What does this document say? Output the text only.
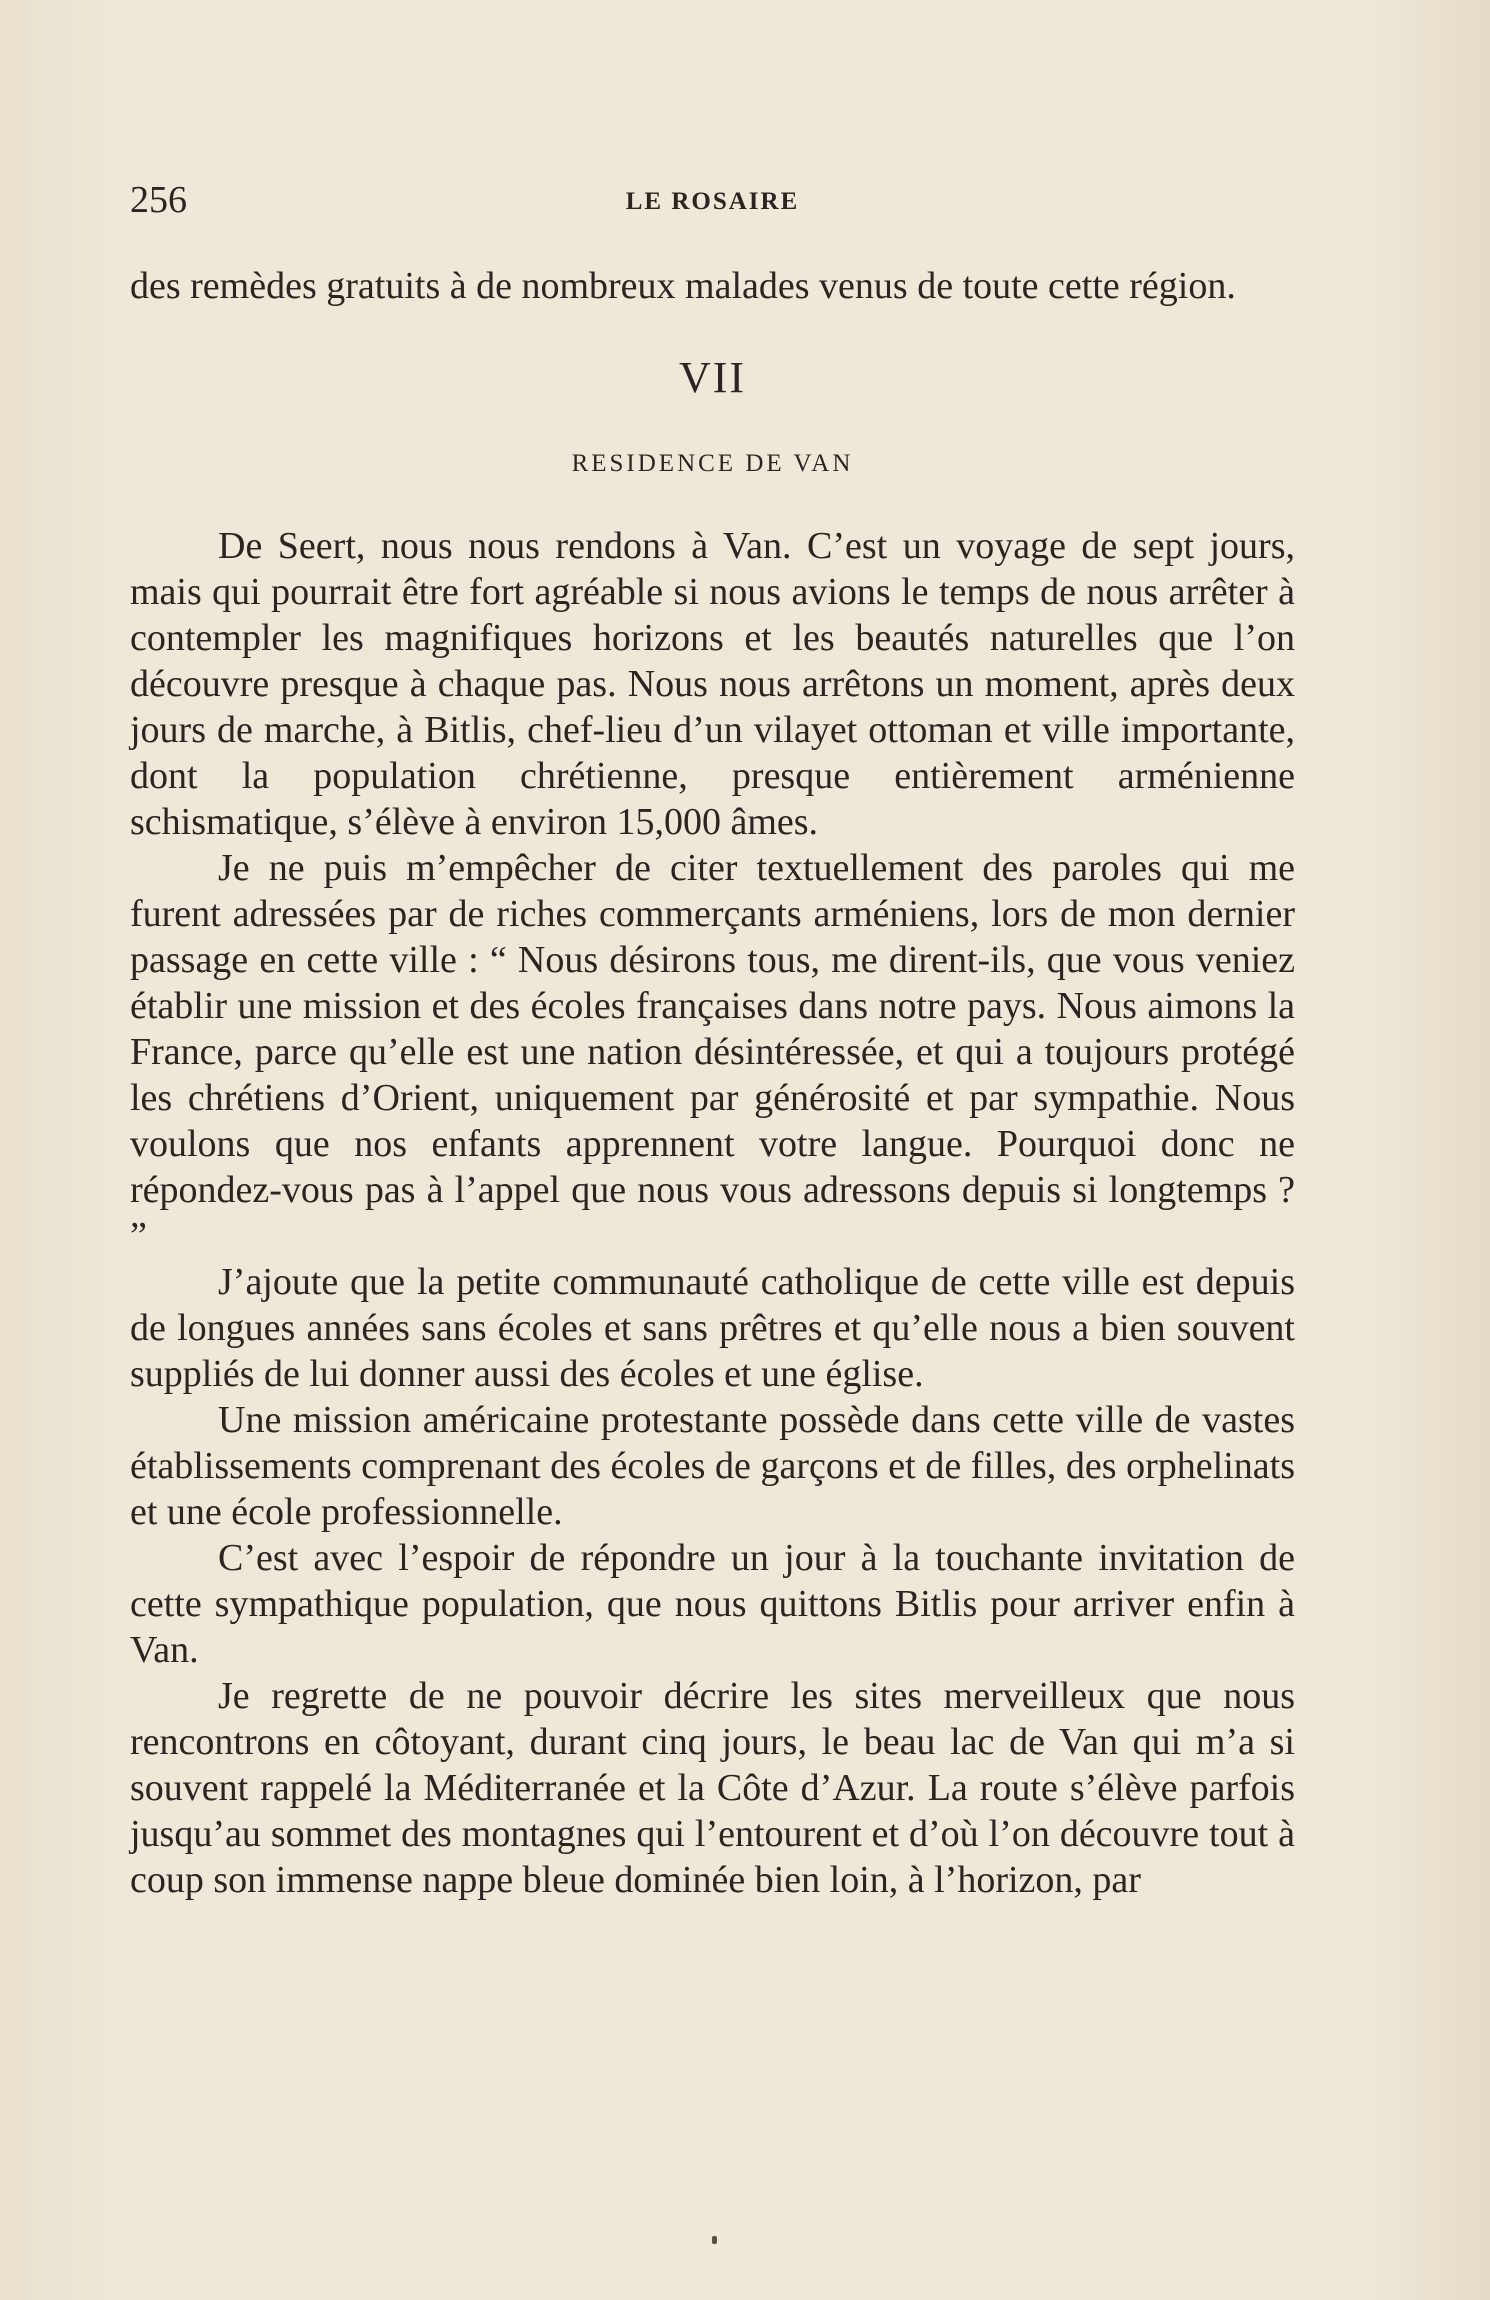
256	LE ROSAIRE

des remèdes gratuits à de nombreux malades venus de toute cette région.

VII

RESIDENCE DE VAN

De Seert, nous nous rendons à Van. C’est un voyage de sept jours, mais qui pourrait être fort agréable si nous avions le temps de nous arrêter à contempler les magnifiques horizons et les beautés naturelles que l’on découvre presque à chaque pas. Nous nous arrêtons un moment, après deux jours de marche, à Bitlis, chef-lieu d’un vilayet ottoman et ville importante, dont la population chrétienne, presque entièrement arménienne schismatique, s’élève à environ 15,000 âmes.

Je ne puis m’empêcher de citer textuellement des paroles qui me furent adressées par de riches commerçants arméniens, lors de mon dernier passage en cette ville : “ Nous désirons tous, me dirent-ils, que vous veniez établir une mission et des écoles françaises dans notre pays. Nous aimons la France, parce qu’elle est une nation désintéressée, et qui a toujours protégé les chrétiens d’Orient, uniquement par générosité et par sympathie. Nous voulons que nos enfants apprennent votre langue. Pourquoi donc ne répondez-vous pas à l’appel que nous vous adressons depuis si longtemps ? ”

J’ajoute que la petite communauté catholique de cette ville est depuis de longues années sans écoles et sans prêtres et qu’elle nous a bien souvent suppliés de lui donner aussi des écoles et une église.

Une mission américaine protestante possède dans cette ville de vastes établissements comprenant des écoles de garçons et de filles, des orphelinats et une école professionnelle.

C’est avec l’espoir de répondre un jour à la touchante invitation de cette sympathique population, que nous quittons Bitlis pour arriver enfin à Van.

Je regrette de ne pouvoir décrire les sites merveilleux que nous rencontrons en côtoyant, durant cinq jours, le beau lac de Van qui m’a si souvent rappelé la Méditerranée et la Côte d’Azur. La route s’élève parfois jusqu’au sommet des montagnes qui l’entourent et d’où l’on découvre tout à coup son immense nappe bleue dominée bien loin, à l’horizon, par
